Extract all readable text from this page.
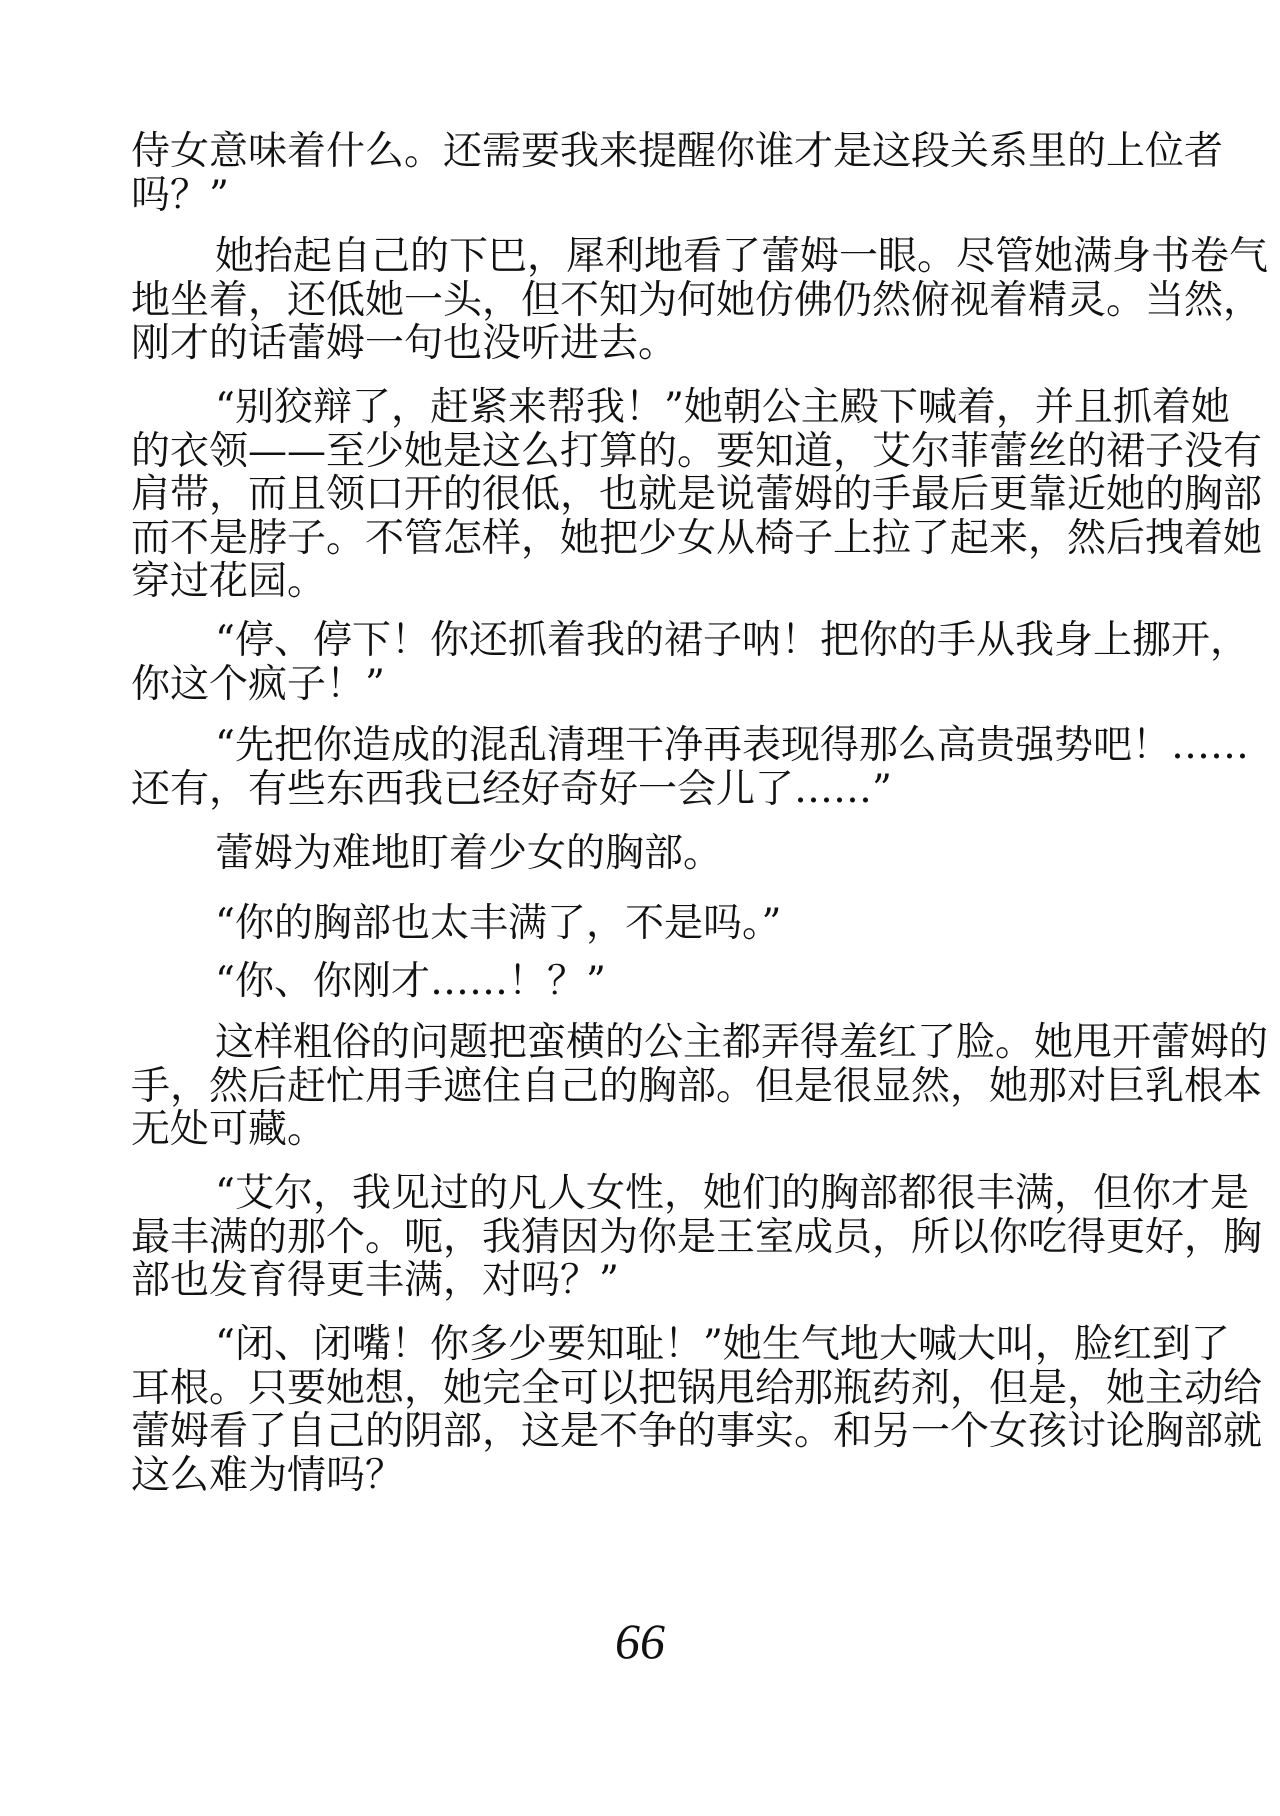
侍女意味着什么。还需要我来提醒你谁才是这段关系里的上位者
吗？”
她抬起自己的下巴，犀利地看了蕾姆一眼。尽管她满身书卷气
地坐着，还低她一头，但不知为何她仿佛仍然俯视着精灵。当然，
刚才的话蕾姆一句也没听进去。
“别狡辩了，赶紧来帮我！”她朝公主殿下喊着，并且抓着她
的衣领——至少她是这么打算的。要知道，艾尔菲蕾丝的裙子没有
肩带，而且领口开的很低，也就是说蕾姆的手最后更靠近她的胸部
而不是脖子。不管怎样，她把少女从椅子上拉了起来，然后拽着她
穿过花园。
“停、停下！你还抓着我的裙子呐！把你的手从我身上挪开，
你这个疯子！”
“先把你造成的混乱清理干净再表现得那么高贵强势吧！……
还有，有些东西我已经好奇好一会儿了……”
蕾姆为难地盯着少女的胸部。
“你的胸部也太丰满了，不是吗。”
“你、你刚才……！？”
这样粗俗的问题把蛮横的公主都弄得羞红了脸。她甩开蕾姆的
手，然后赶忙用手遮住自己的胸部。但是很显然，她那对巨乳根本
无处可藏。
“艾尔，我见过的凡人女性，她们的胸部都很丰满，但你才是
最丰满的那个。呃，我猜因为你是王室成员，所以你吃得更好，胸
部也发育得更丰满，对吗？”
“闭、闭嘴！你多少要知耻！”她生气地大喊大叫，脸红到了
耳根。只要她想，她完全可以把锅甩给那瓶药剂，但是，她主动给
蕾姆看了自己的阴部，这是不争的事实。和另一个女孩讨论胸部就
这么难为情吗？
66
